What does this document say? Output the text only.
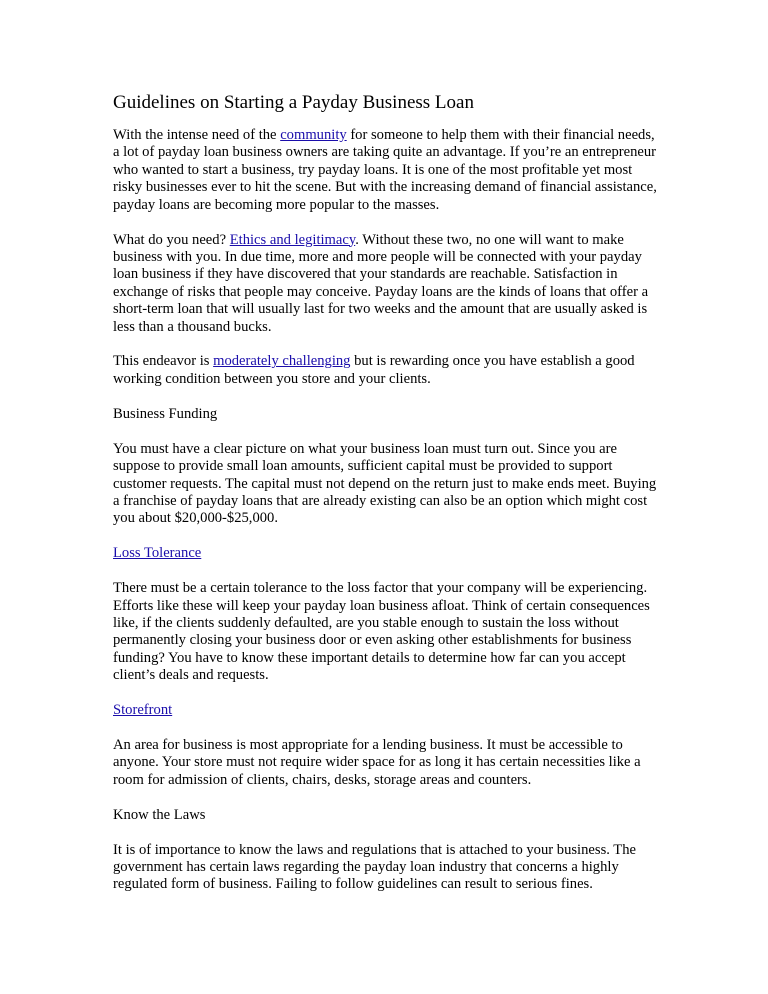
Guidelines on Starting a Payday Business Loan

With the intense need of the community for someone to help them with their financial needs, a lot of payday loan business owners are taking quite an advantage. If you’re an entrepreneur who wanted to start a business, try payday loans. It is one of the most profitable yet most risky businesses ever to hit the scene. But with the increasing demand of financial assistance, payday loans are becoming more popular to the masses.

What do you need? Ethics and legitimacy. Without these two, no one will want to make business with you. In due time, more and more people will be connected with your payday loan business if they have discovered that your standards are reachable. Satisfaction in exchange of risks that people may conceive. Payday loans are the kinds of loans that offer a short-term loan that will usually last for two weeks and the amount that are usually asked is less than a thousand bucks.

This endeavor is moderately challenging but is rewarding once you have establish a good working condition between you store and your clients.

Business Funding

You must have a clear picture on what your business loan must turn out. Since you are suppose to provide small loan amounts, sufficient capital must be provided to support customer requests. The capital must not depend on the return just to make ends meet. Buying a franchise of payday loans that are already existing can also be an option which might cost you about $20,000-$25,000.

Loss Tolerance

There must be a certain tolerance to the loss factor that your company will be experiencing. Efforts like these will keep your payday loan business afloat. Think of certain consequences like, if the clients suddenly defaulted, are you stable enough to sustain the loss without permanently closing your business door or even asking other establishments for business funding? You have to know these important details to determine how far can you accept client’s deals and requests.

Storefront

An area for business is most appropriate for a lending business. It must be accessible to anyone. Your store must not require wider space for as long it has certain necessities like a room for admission of clients, chairs, desks, storage areas and counters.

Know the Laws

It is of importance to know the laws and regulations that is attached to your business. The government has certain laws regarding the payday loan industry that concerns a highly regulated form of business. Failing to follow guidelines can result to serious fines.
